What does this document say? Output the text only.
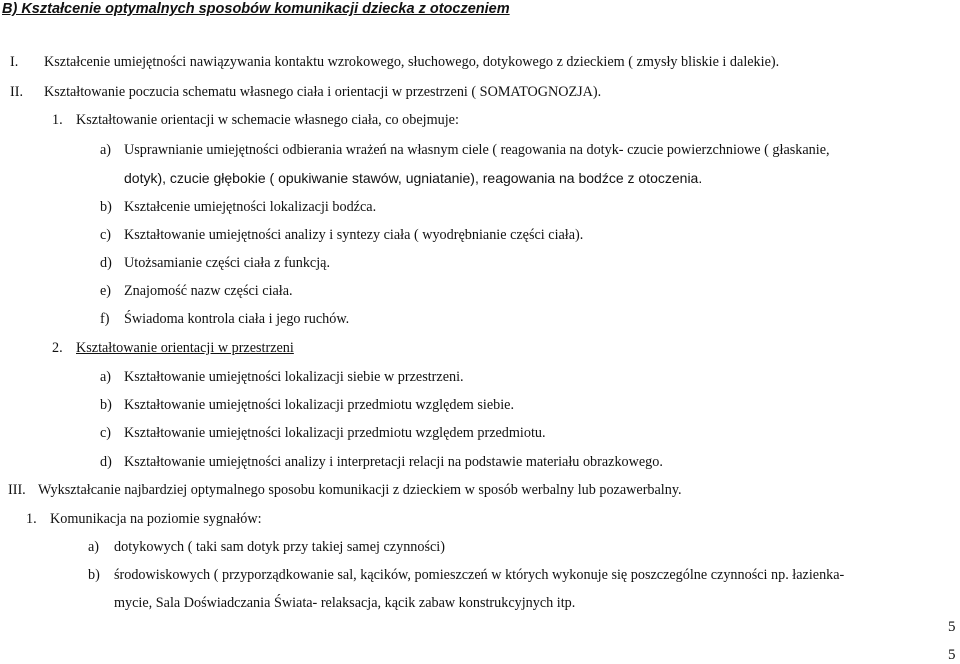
B) Kształcenie optymalnych sposobów komunikacji dziecka z otoczeniem
I. Kształcenie umiejętności nawiązywania kontaktu wzrokowego, słuchowego, dotykowego z dzieckiem ( zmysły bliskie i dalekie).
II. Kształtowanie poczucia schematu własnego ciała i orientacji w przestrzeni ( SOMATOGNOZJA).
1. Kształtowanie orientacji w schemacie własnego ciała, co obejmuje:
a) Usprawnianie umiejętności odbierania wrażeń na własnym ciele ( reagowania na dotyk- czucie powierzchniowe ( głaskanie,
dotyk), czucie głębokie ( opukiwanie stawów, ugniatanie), reagowania na bodźce z otoczenia.
b) Kształcenie umiejętności lokalizacji bodźca.
c) Kształtowanie umiejętności analizy i syntezy ciała ( wyodrębnianie części ciała).
d) Utożsamianie części ciała z funkcją.
e) Znajomość nazw części ciała.
f) Świadoma kontrola ciała i jego ruchów.
2. Kształtowanie orientacji w przestrzeni
a) Kształtowanie umiejętności lokalizacji siebie w przestrzeni.
b) Kształtowanie umiejętności lokalizacji przedmiotu względem siebie.
c) Kształtowanie umiejętności lokalizacji przedmiotu względem przedmiotu.
d) Kształtowanie umiejętności analizy i interpretacji relacji na podstawie materiału obrazkowego.
III. Wykształcanie najbardziej optymalnego sposobu komunikacji z dzieckiem w sposób werbalny lub pozawerbalny.
1. Komunikacja na poziomie sygnałów:
a) dotykowych ( taki sam dotyk przy takiej samej czynności)
b) środowiskowych ( przyporządkowanie sal, kącików, pomieszczeń w których wykonuje się poszczególne czynności np. łazienka-
mycie, Sala Doświadczania Świata- relaksacja, kącik zabaw konstrukcyjnych itp.
5
5
